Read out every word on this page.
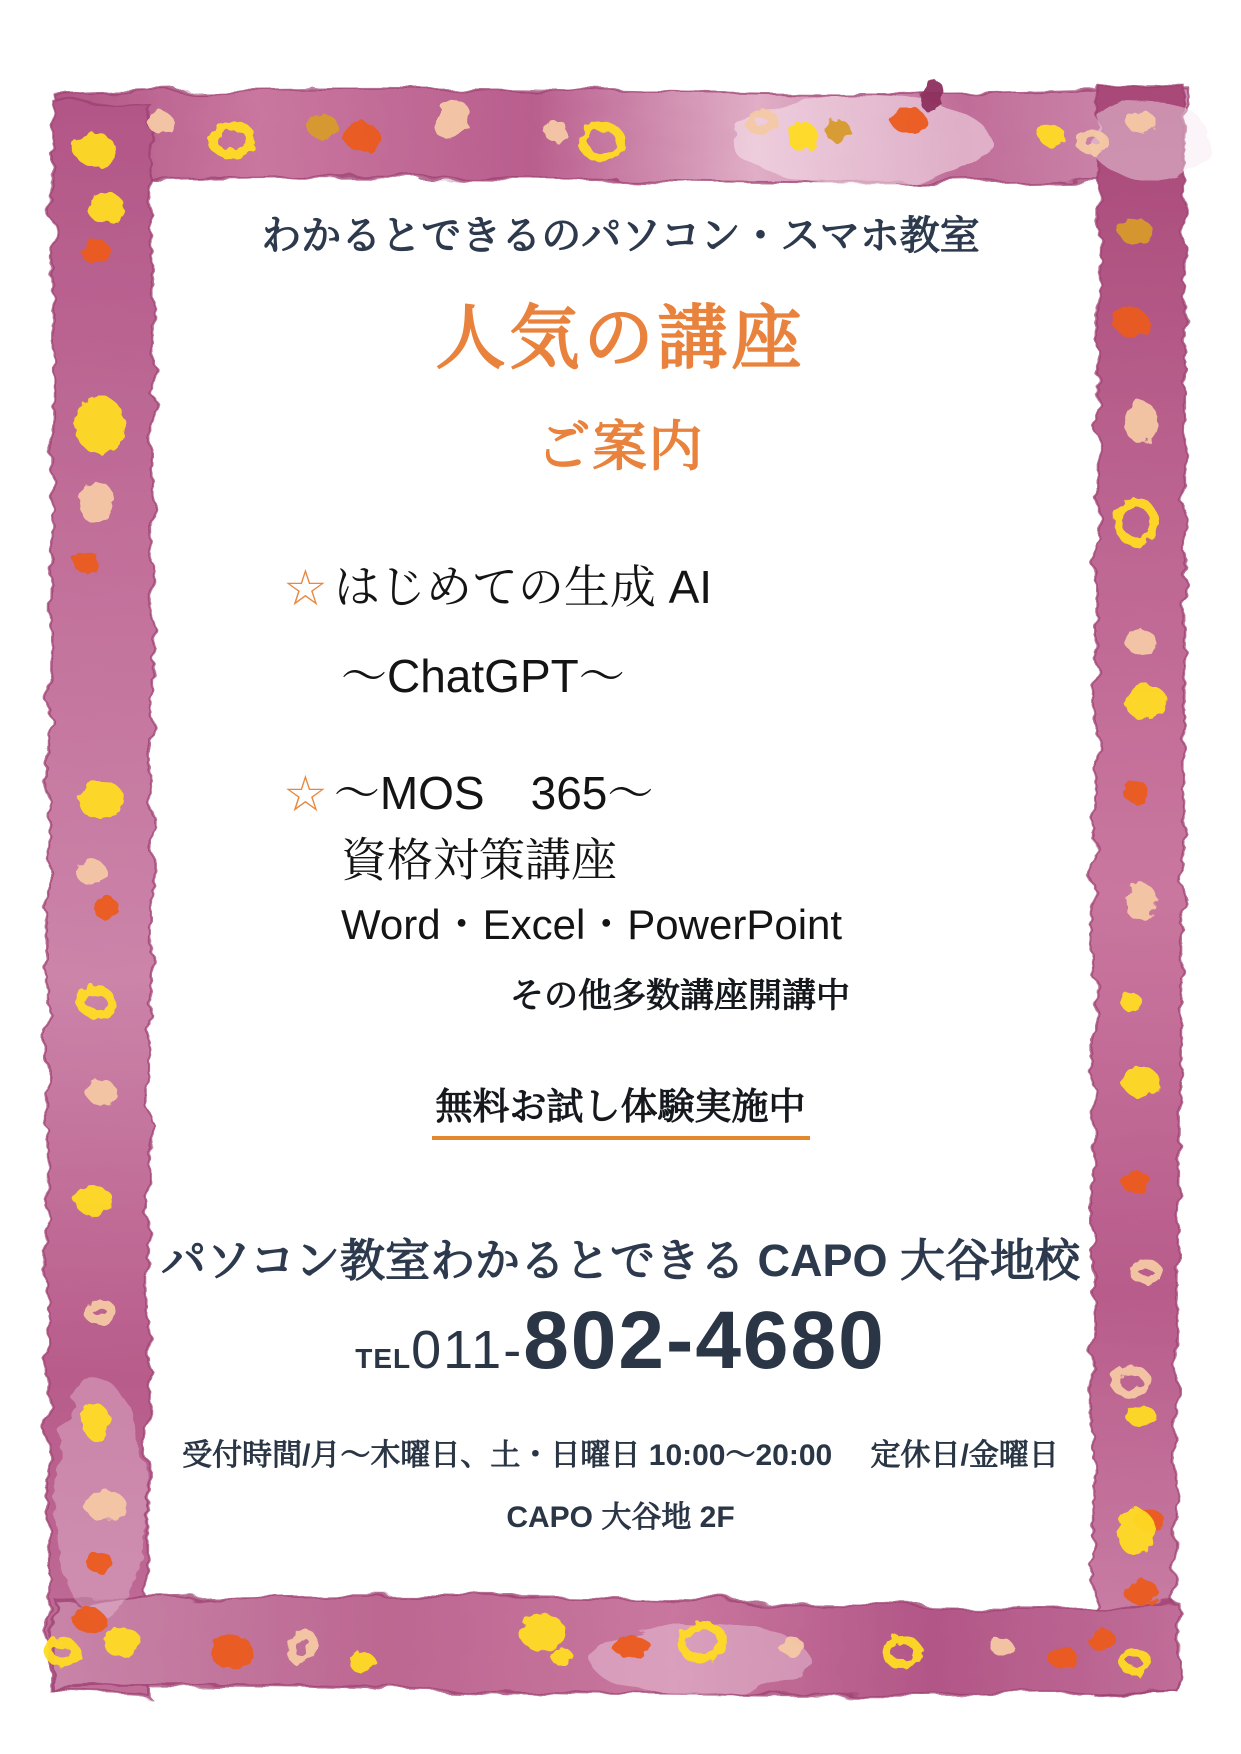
わかるとできるのパソコン・スマホ教室
人気の講座
ご案内
☆ はじめての生成 AI
～ChatGPT～
☆ ～MOS　365～
資格対策講座
Word・Excel・PowerPoint
その他多数講座開講中
無料お試し体験実施中
パソコン教室わかるとできる CAPO 大谷地校
TEL 011- 802-4680
受付時間/月～木曜日、土・日曜日 10:00～20:00　 定休日/金曜日
CAPO 大谷地 2F
